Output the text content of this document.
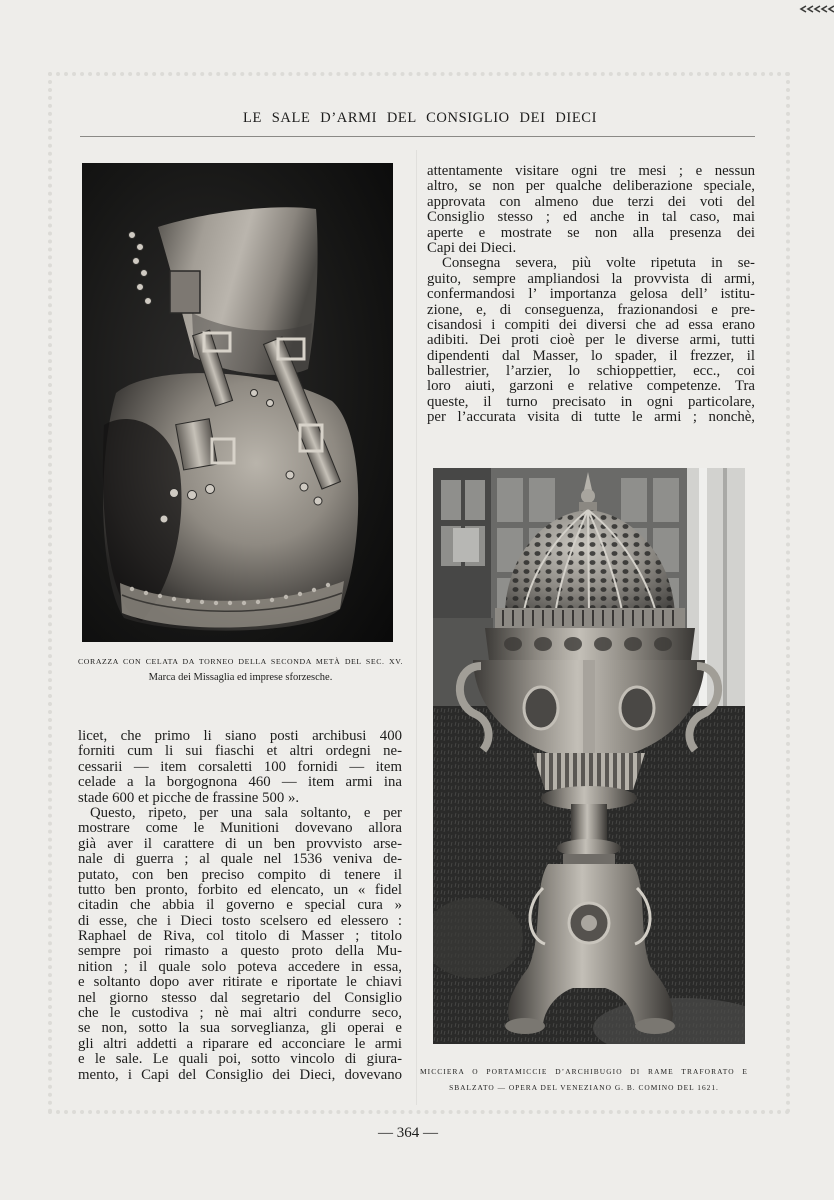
LE SALE D’ARMI DEL CONSIGLIO DEI DIECI
CORAZZA CON CELATA DA TORNEO DELLA SECONDA METÀ DEL SEC. XV.
Marca dei Missaglia ed imprese sforzesche.
attentamente visitare ogni tre mesi ; e nessun
altro, se non per qualche deliberazione speciale,
approvata con almeno due terzi dei voti del
Consiglio stesso ; ed anche in tal caso, mai
aperte e mostrate se non alla presenza dei
Capi dei Dieci.
Consegna severa, più volte ripetuta in se-
guito, sempre ampliandosi la provvista di armi,
confermandosi l’ importanza gelosa dell’ istitu-
zione, e, di conseguenza, frazionandosi e pre-
cisandosi i compiti dei diversi che ad essa erano
adibiti. Dei proti cioè per le diverse armi, tutti
dipendenti dal Masser, lo spader, il frezzer, il
ballestrier, l’arzier, lo schioppettier, ecc., coi
loro aiuti, garzoni e relative competenze. Tra
queste, il turno precisato in ogni particolare,
per l’accurata visita di tutte le armi ; nonchè,
licet, che primo li siano posti archibusi 400
forniti cum li sui fiaschi et altri ordegni ne-
cessarii — item corsaletti 100 fornidi — item
celade a la borgognona 460 — item armi ina
stade 600 et picche de frassine 500 ».
Questo, ripeto, per una sala soltanto, e per
mostrare come le Munitioni dovevano allora
già aver il carattere di un ben provvisto arse-
nale di guerra ; al quale nel 1536 veniva de-
putato, con ben preciso compito di tenere il
tutto ben pronto, forbito ed elencato, un « fidel
citadin che abbia il governo e special cura »
di esse, che i Dieci tosto scelsero ed elessero :
Raphael de Riva, col titolo di Masser ; titolo
sempre poi rimasto a questo proto della Mu-
nition ; il quale solo poteva accedere in essa,
e soltanto dopo aver ritirate e riportate le chiavi
nel giorno stesso dal segretario del Consiglio
che le custodiva ; nè mai altri condurre seco,
se non, sotto la sua sorveglianza, gli operai e
gli altri addetti a riparare ed acconciare le armi
e le sale. Le quali poi, sotto vincolo di giura-
mento, i Capi del Consiglio dei Dieci, dovevano MICCIERA O PORTAMICCIE D’ARCHIBUGIO DI RAME TRAFORATO E
SBALZATO — OPERA DEL VENEZIANO G. B. COMINO DEL 1621.
— 364 —
